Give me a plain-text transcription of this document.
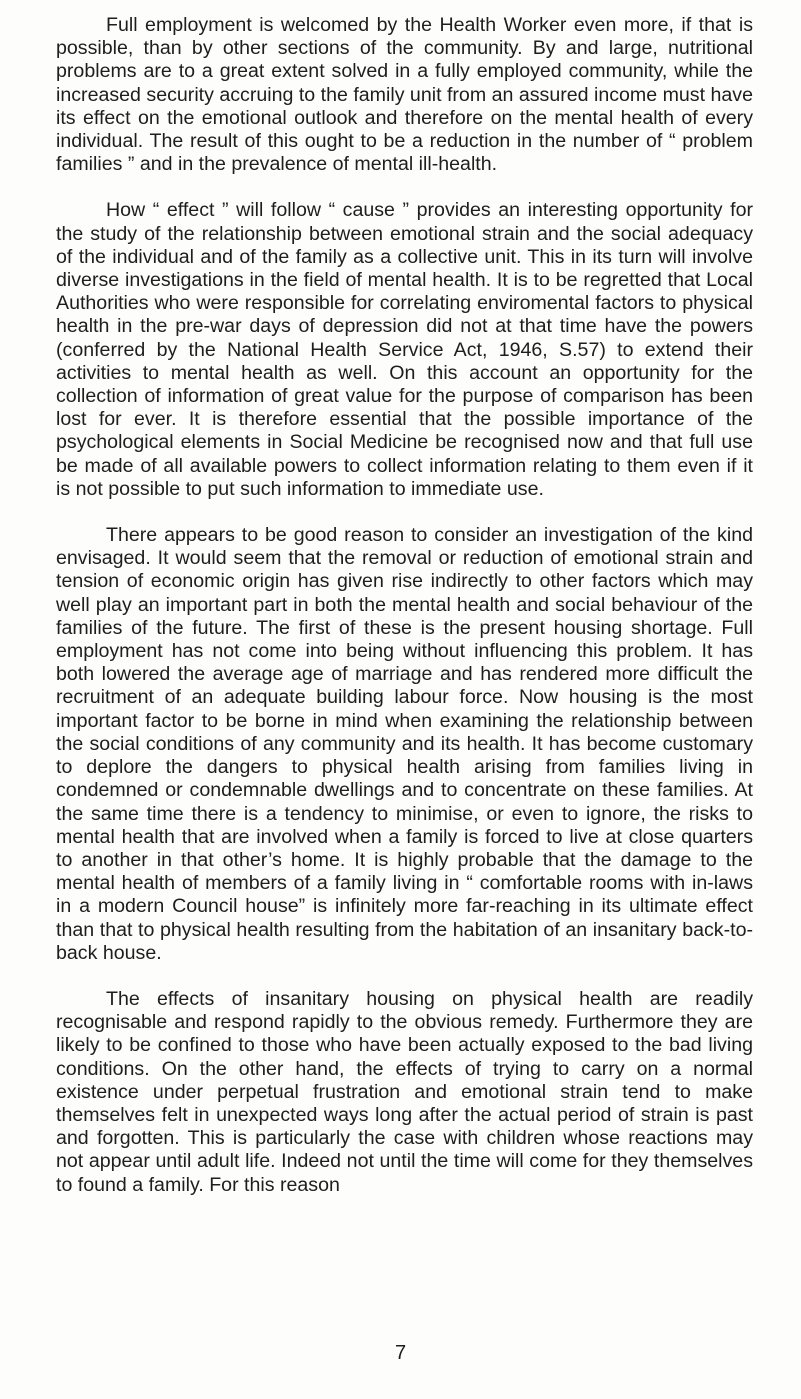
Full employment is welcomed by the Health Worker even more, if that is possible, than by other sections of the community. By and large, nutritional problems are to a great extent solved in a fully employed community, while the increased security accruing to the family unit from an assured income must have its effect on the emotional outlook and therefore on the mental health of every individual. The result of this ought to be a reduction in the number of “ problem families ” and in the prevalence of mental ill-health.

How “ effect ” will follow “ cause ” provides an interesting opportunity for the study of the relationship between emotional strain and the social adequacy of the individual and of the family as a collective unit. This in its turn will involve diverse investigations in the field of mental health. It is to be regretted that Local Authorities who were responsible for correlating enviromental factors to physical health in the pre-war days of depression did not at that time have the powers (conferred by the National Health Service Act, 1946, S.57) to extend their activities to mental health as well. On this account an opportunity for the collection of information of great value for the purpose of comparison has been lost for ever. It is therefore essential that the possible importance of the psychological elements in Social Medicine be recognised now and that full use be made of all available powers to collect information relating to them even if it is not possible to put such information to immediate use.

There appears to be good reason to consider an investigation of the kind envisaged. It would seem that the removal or reduction of emotional strain and tension of economic origin has given rise indirectly to other factors which may well play an important part in both the mental health and social behaviour of the families of the future. The first of these is the present housing shortage. Full employment has not come into being without influencing this problem. It has both lowered the average age of marriage and has rendered more difficult the recruitment of an adequate building labour force. Now housing is the most important factor to be borne in mind when examining the relationship between the social conditions of any community and its health. It has become customary to deplore the dangers to physical health arising from families living in condemned or condemnable dwellings and to concentrate on these families. At the same time there is a tendency to minimise, or even to ignore, the risks to mental health that are involved when a family is forced to live at close quarters to another in that other’s home. It is highly probable that the damage to the mental health of members of a family living in “ comfortable rooms with in-laws in a modern Council house” is infinitely more far-reaching in its ultimate effect than that to physical health resulting from the habitation of an insanitary back-to-back house.

The effects of insanitary housing on physical health are readily recognisable and respond rapidly to the obvious remedy. Furthermore they are likely to be confined to those who have been actually exposed to the bad living conditions. On the other hand, the effects of trying to carry on a normal existence under perpetual frustration and emotional strain tend to make themselves felt in unexpected ways long after the actual period of strain is past and forgotten. This is particularly the case with children whose reactions may not appear until adult life. Indeed not until the time will come for they themselves to found a family. For this reason

7
